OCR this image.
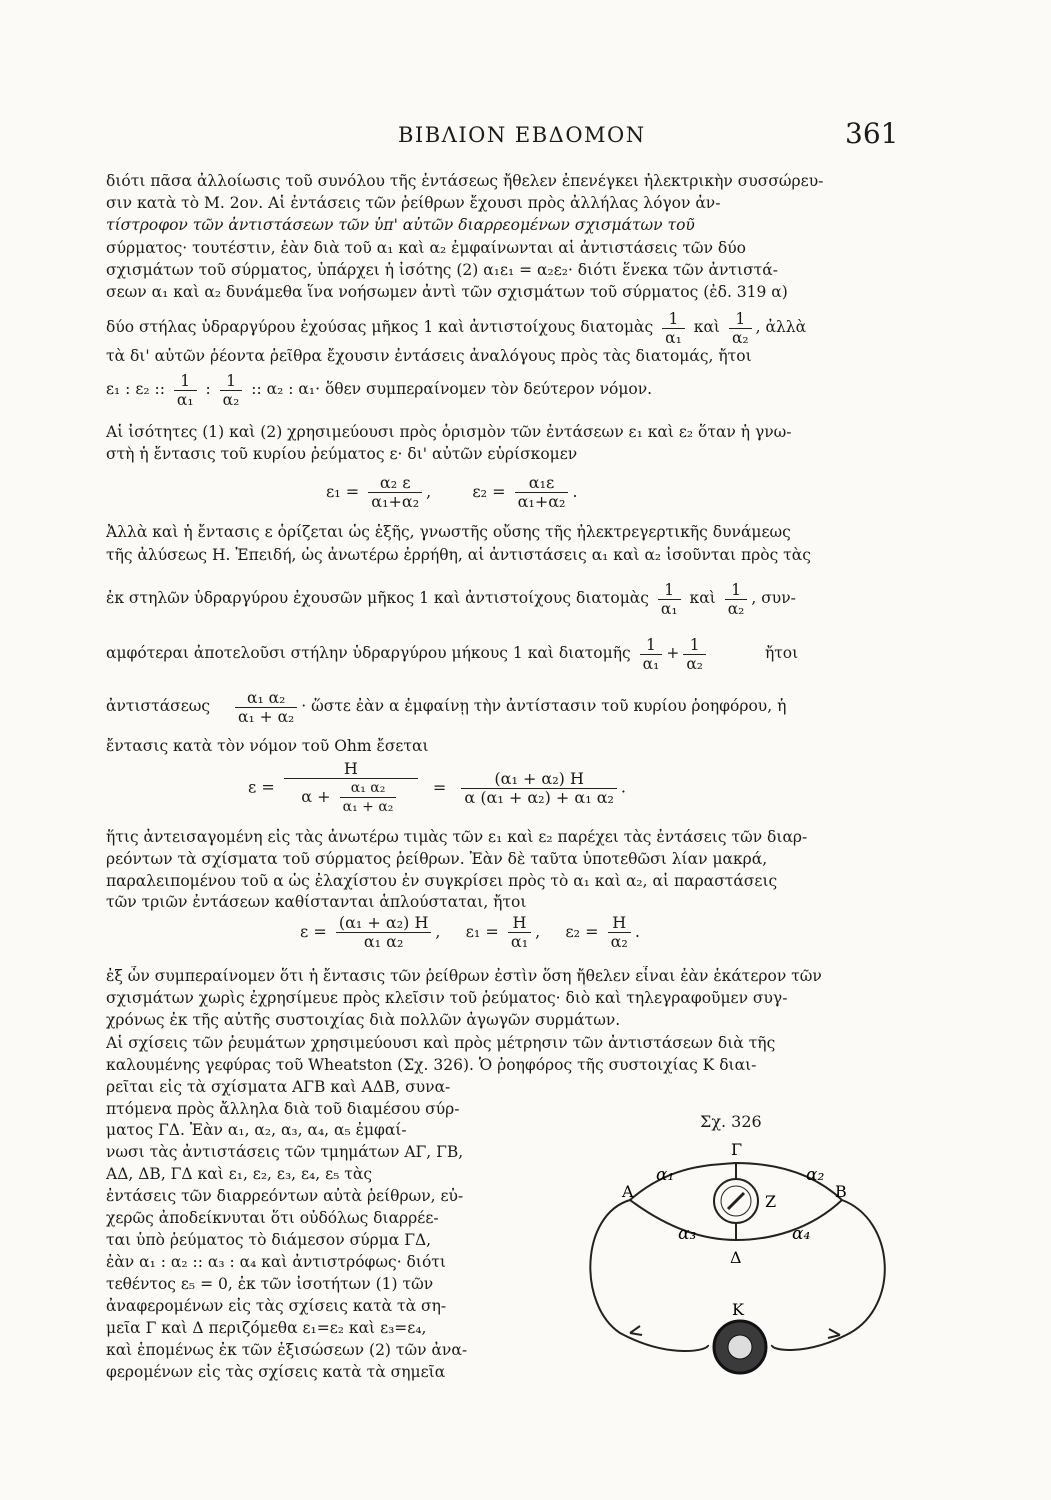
ΒΙΒΛΙΟΝ ΕΒΔΟΜΟΝ	361
διότι πᾶσα ἀλλοίωσις τοῦ συνόλου τῆς ἐντάσεως ἤθελεν ἐπενέγκει ἠλεκτρικὴν συσσώρευ-
σιν κατὰ τὸ Μ. 2ον. Αἱ ἐντάσεις τῶν ῥείθρων ἔχουσι πρὸς ἀλλήλας λόγον ἀν-
τίστροφον τῶν ἀντιστάσεων τῶν ὑπ' αὐτῶν διαρρεομένων σχισμάτων τοῦ
σύρματος· τουτέστιν, ἐὰν διὰ τοῦ α₁ καὶ α₂ ἐμφαίνωνται αἱ ἀντιστάσεις τῶν δύο
σχισμάτων τοῦ σύρματος, ὑπάρχει ἡ ἰσότης (2) α₁ε₁ = α₂ε₂· διότι ἕνεκα τῶν ἀντιστά-
σεων α₁ καὶ α₂ δυνάμεθα ἵνα νοήσωμεν ἀντὶ τῶν σχισμάτων τοῦ σύρματος (ἐδ. 319 α)
δύο στήλας ὑδραργύρου ἐχούσας μῆκος 1 καὶ ἀντιστοίχους διατομὰς $\frac{1}{\text{α₁}}$ καὶ $\frac{1}{\text{α₂}}$ , ἀλλὰ
τὰ δι' αὐτῶν ῥέοντα ῥεῖθρα ἔχουσιν ἐντάσεις ἀναλόγους πρὸς τὰς διατομάς, ἤτοι
ε₁ : ε₂ :: $\frac{1}{\text{α₁}}$ : $\frac{1}{\text{α₂}}$ :: α₂ : α₁· ὅθεν συμπεραίνομεν τὸν δεύτερον νόμον.
Αἱ ἰσότητες (1) καὶ (2) χρησιμεύουσι πρὸς ὁρισμὸν τῶν ἐντάσεων ε₁ καὶ ε₂ ὅταν ἡ γνω-
στὴ ἡ ἔντασις τοῦ κυρίου ῥεύματος ε· δι' αὐτῶν εὑρίσκομεν
$\varepsilon_1 = \frac{\text{α₂ ε}}{\text{α₁+α₂}}$ ,	$\varepsilon_2 = \frac{\text{α₁ε}}{\text{α₁+α₂}}$ .
Ἀλλὰ καὶ ἡ ἔντασις ε ὁρίζεται ὡς ἑξῆς, γνωστῆς οὔσης τῆς ἠλεκτρεγερτικῆς δυνάμεως
τῆς ἀλύσεως Η. Ἐπειδή, ὡς ἀνωτέρω ἐρρήθη, αἱ ἀντιστάσεις α₁ καὶ α₂ ἰσοῦνται πρὸς τὰς
ἐκ στηλῶν ὑδραργύρου ἐχουσῶν μῆκος 1 καὶ ἀντιστοίχους διατομὰς $\frac{1}{\text{α₁}}$ καὶ $\frac{1}{\text{α₂}}$ , συν-
αμφότεραι ἀποτελοῦσι στήλην ὑδραργύρου μήκους 1 καὶ διατομῆς $\frac{1}{\text{α₁}} + \frac{1}{\text{α₂}}$	ἤτοι
ἀντιστάσεως $\frac{\text{α₁ α₂}}{\text{α₁ + α₂}}$ · ὥστε ἐὰν α ἐμφαίνῃ τὴν ἀντίστασιν τοῦ κυρίου ῥοηφόρου, ἡ
ἔντασις κατὰ τὸν νόμον τοῦ Ohm ἔσεται
$\varepsilon = \frac{H}{\alpha + \frac{\text{α₁ α₂}}{\text{α₁ + α₂}}} = \frac{\text{(α₁ + α₂) Η}}{\text{α (α₁ + α₂) + α₁ α₂}}$ .
ἥτις ἀντεισαγομένη εἰς τὰς ἀνωτέρω τιμὰς τῶν ε₁ καὶ ε₂ παρέχει τὰς ἐντάσεις τῶν διαρ-
ρεόντων τὰ σχίσματα τοῦ σύρματος ῥείθρων. Ἐὰν δὲ ταῦτα ὑποτεθῶσι λίαν μακρά,
παραλειπομένου τοῦ α ὡς ἐλαχίστου ἐν συγκρίσει πρὸς τὸ α₁ καὶ α₂, αἱ παραστάσεις
τῶν τριῶν ἐντάσεων καθίστανται ἁπλούσταται, ἤτοι
$\varepsilon = \frac{\text{(α₁ + α₂) Η}}{\text{α₁ α₂}}$ , $\varepsilon_1 = \frac{H}{\text{α₁}}$ , $\varepsilon_2 = \frac{H}{\text{α₂}}$ .
ἐξ ὧν συμπεραίνομεν ὅτι ἡ ἔντασις τῶν ῥείθρων ἐστὶν ὅση ἤθελεν εἶναι ἐὰν ἑκάτερον τῶν
σχισμάτων χωρὶς ἐχρησίμευε πρὸς κλεῖσιν τοῦ ῥεύματος· διὸ καὶ τηλεγραφοῦμεν συγ-
χρόνως ἐκ τῆς αὐτῆς συστοιχίας διὰ πολλῶν ἀγωγῶν συρμάτων.
Αἱ σχίσεις τῶν ῥευμάτων χρησιμεύουσι καὶ πρὸς μέτρησιν τῶν ἀντιστάσεων διὰ τῆς
καλουμένης γεφύρας τοῦ Wheatston (Σχ. 326). Ὁ ῥοηφόρος τῆς συστοιχίας Κ διαι-
ρεῖται εἰς τὰ σχίσματα ΑΓΒ καὶ ΑΔΒ, συνα-
πτόμενα πρὸς ἄλληλα διὰ τοῦ διαμέσου σύρ-
ματος ΓΔ. Ἐὰν α₁, α₂, α₃, α₄, α₅ ἐμφαί-
νωσι τὰς ἀντιστάσεις τῶν τμημάτων ΑΓ, ΓΒ,
ΑΔ, ΔΒ, ΓΔ καὶ ε₁, ε₂, ε₃, ε₄, ε₅ τὰς
ἐντάσεις τῶν διαρρεόντων αὐτὰ ῥείθρων, εὐ-
χερῶς ἀποδείκνυται ὅτι οὐδόλως διαρρέε-
ται ὑπὸ ῥεύματος τὸ διάμεσον σύρμα ΓΔ,
ἐὰν α₁ : α₂ :: α₃ : α₄ καὶ ἀντιστρόφως· διότι
τεθέντος ε₅ = 0, ἐκ τῶν ἰσοτήτων (1) τῶν
ἀναφερομένων εἰς τὰς σχίσεις κατὰ τὰ ση-
μεῖα Γ καὶ Δ περιζόμεθα ε₁=ε₂ καὶ ε₃=ε₄,
καὶ ἑπομένως ἐκ τῶν ἐξισώσεων (2) τῶν ἀνα-
φερομένων εἰς τὰς σχίσεις κατὰ τὰ σημεῖα
Σχ. 326
Γ
Α	Β
Δ
Ζ
Κ
α₁	α₂
α₃	α₄
